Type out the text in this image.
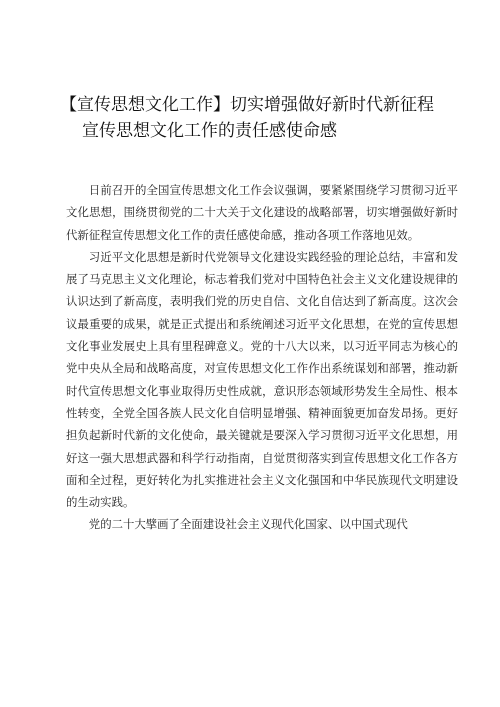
【宣传思想文化工作】切实增强做好新时代新征程
宣传思想文化工作的责任感使命感

日前召开的全国宣传思想文化工作会议强调，要紧紧围绕学习贯彻习近平文化思想，围绕贯彻党的二十大关于文化建设的战略部署，切实增强做好新时代新征程宣传思想文化工作的责任感使命感，推动各项工作落地见效。

习近平文化思想是新时代党领导文化建设实践经验的理论总结，丰富和发展了马克思主义文化理论，标志着我们党对中国特色社会主义文化建设规律的认识达到了新高度，表明我们党的历史自信、文化自信达到了新高度。这次会议最重要的成果，就是正式提出和系统阐述习近平文化思想，在党的宣传思想文化事业发展史上具有里程碑意义。党的十八大以来，以习近平同志为核心的党中央从全局和战略高度，对宣传思想文化工作作出系统谋划和部署，推动新时代宣传思想文化事业取得历史性成就，意识形态领域形势发生全局性、根本性转变，全党全国各族人民文化自信明显增强、精神面貌更加奋发昂扬。更好担负起新时代新的文化使命，最关键就是要深入学习贯彻习近平文化思想，用好这一强大思想武器和科学行动指南，自觉贯彻落实到宣传思想文化工作各方面和全过程，更好转化为扎实推进社会主义文化强国和中华民族现代文明建设的生动实践。

党的二十大擘画了全面建设社会主义现代化国家、以中国式现代
